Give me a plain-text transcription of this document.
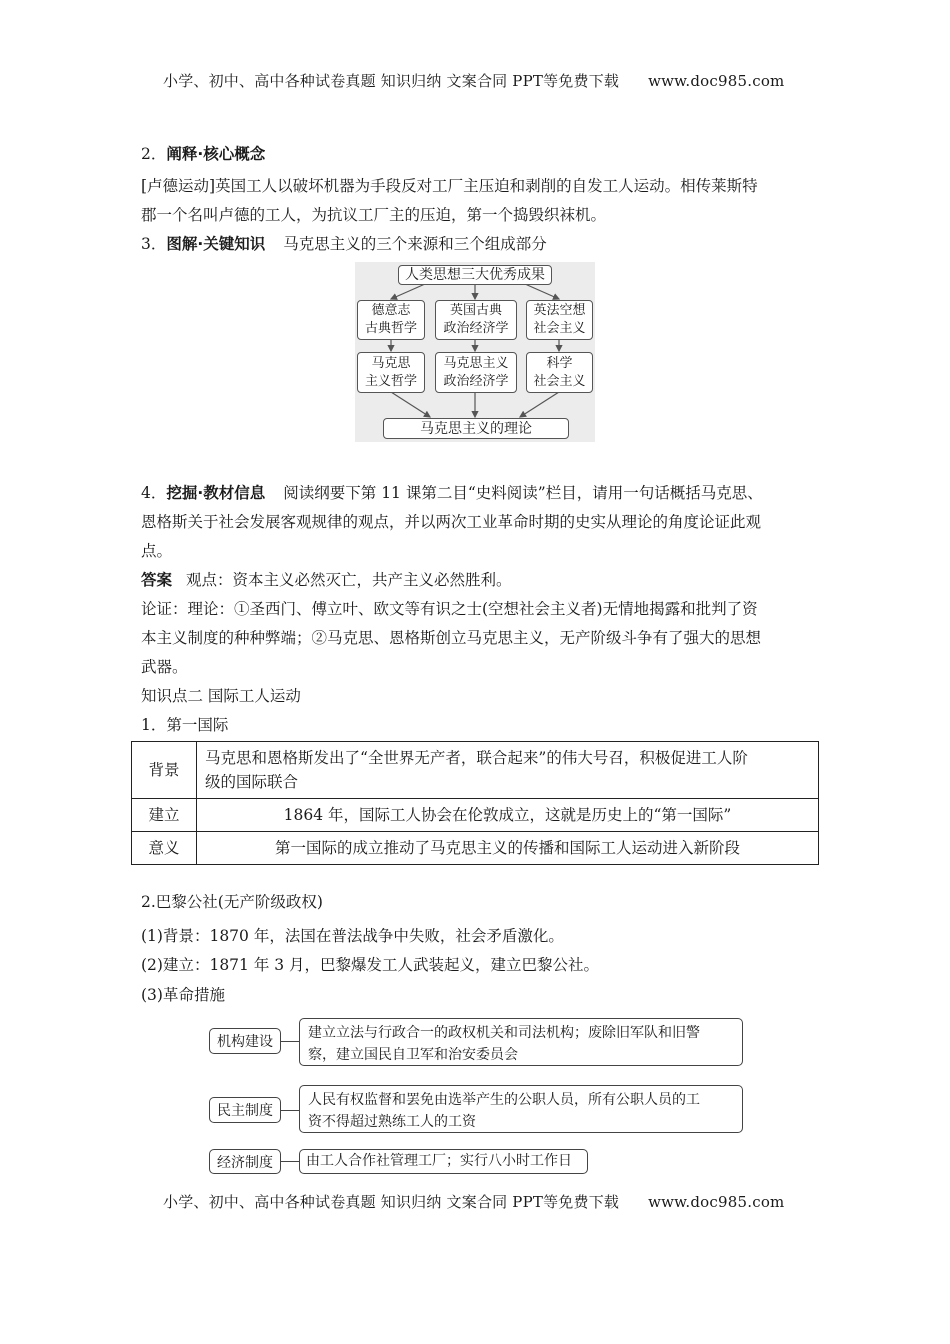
小学、初中、高中各种试卷真题 知识归纳 文案合同 PPT等免费下载 www.doc985.com
2．阐释·核心概念
[卢德运动]英国工人以破坏机器为手段反对工厂主压迫和剥削的自发工人运动。相传莱斯特
郡一个名叫卢德的工人，为抗议工厂主的压迫，第一个捣毁织袜机。
3．图解·关键知识 马克思主义的三个来源和三个组成部分
人类思想三大优秀成果
德意志
古典哲学
英国古典
政治经济学
英法空想
社会主义
马克思
主义哲学
马克思主义
政治经济学
科学
社会主义
马克思主义的理论
4．挖掘·教材信息 阅读纲要下第 11 课第二目“史料阅读”栏目，请用一句话概括马克思、
恩格斯关于社会发展客观规律的观点，并以两次工业革命时期的史实从理论的角度论证此观
点。
答案 观点：资本主义必然灭亡，共产主义必然胜利。
论证：理论：①圣西门、傅立叶、欧文等有识之士(空想社会主义者)无情地揭露和批判了资
本主义制度的种种弊端；②马克思、恩格斯创立马克思主义，无产阶级斗争有了强大的思想
武器。
知识点二 国际工人运动
1．第一国际
背景	马克思和恩格斯发出了“全世界无产者，联合起来”的伟大号召，积极促进工人阶
级的国际联合

建立	1864 年，国际工人协会在伦敦成立，这就是历史上的“第一国际”
意义	第一国际的成立推动了马克思主义的传播和国际工人运动进入新阶段
2.巴黎公社(无产阶级政权)
(1)背景：1870 年，法国在普法战争中失败，社会矛盾激化。
(2)建立：1871 年 3 月，巴黎爆发工人武装起义，建立巴黎公社。
(3)革命措施
机构建设
建立立法与行政合一的政权机关和司法机构；废除旧军队和旧警
察，建立国民自卫军和治安委员会
民主制度
人民有权监督和罢免由选举产生的公职人员，所有公职人员的工
资不得超过熟练工人的工资
经济制度	由工人合作社管理工厂；实行八小时工作日
小学、初中、高中各种试卷真题 知识归纳 文案合同 PPT等免费下载 www.doc985.com
